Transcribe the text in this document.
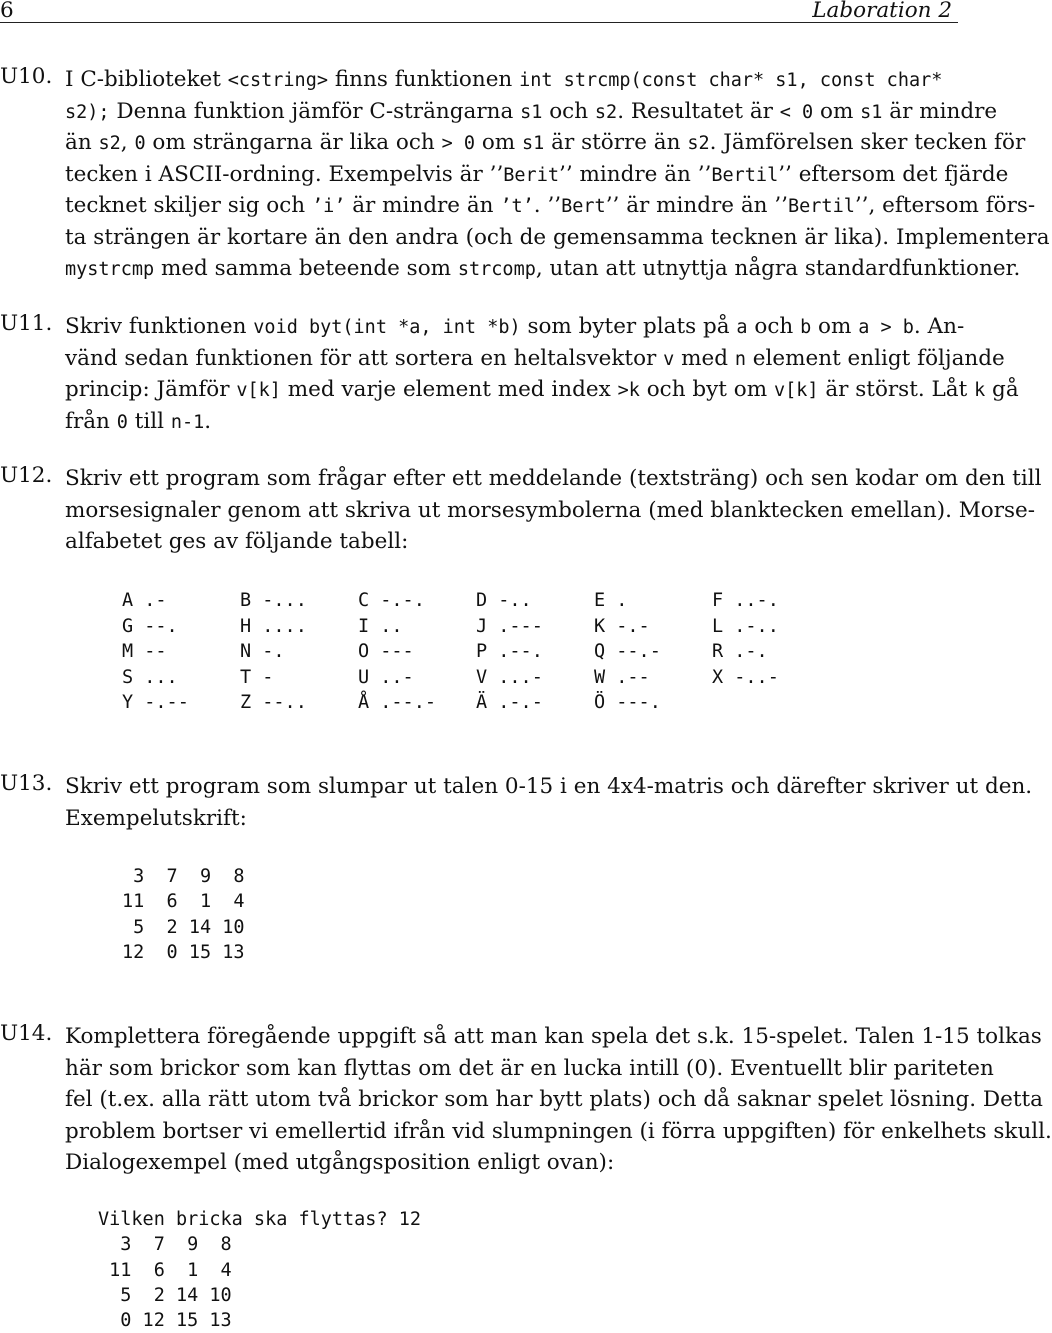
6	Laboration 2
U10. I C-biblioteket <cstring> finns funktionen int strcmp(const char* s1, const char*
s2); Denna funktion jämför C-strängarna s1 och s2. Resultatet är < 0 om s1 är mindre
än s2, 0 om strängarna är lika och > 0 om s1 är större än s2. Jämförelsen sker tecken för
tecken i ASCII-ordning. Exempelvis är ’’Berit’’ mindre än ’’Bertil’’ eftersom det fjärde
tecknet skiljer sig och ’i’ är mindre än ’t’. ’’Bert’’ är mindre än ’’Bertil’’, eftersom förs-
ta strängen är kortare än den andra (och de gemensamma tecknen är lika). Implementera
mystrcmp med samma beteende som strcomp, utan att utnyttja några standardfunktioner.
U11. Skriv funktionen void byt(int *a, int *b) som byter plats på a och b om a > b. An-
vänd sedan funktionen för att sortera en heltalsvektor v med n element enligt följande
princip: Jämför v[k] med varje element med index >k och byt om v[k] är störst. Låt k gå
från 0 till n-1.
U12. Skriv ett program som frågar efter ett meddelande (textsträng) och sen kodar om den till
morsesignaler genom att skriva ut morsesymbolerna (med blanktecken emellan). Morse-
alfabetet ges av följande tabell:
A .-	B -...	C -.-.	D -..	E .	F ..-.
G --.	H ....	I ..	J .---	K -.-	L .-..
M --	N -.	O ---	P .--.	Q --.-	R .-.
S ...	T -	U ..-	V ...-	W .--	X -..-
Y -.--	Z --..	Å .--.- Ä .-.-	Ö ---.
U13. Skriv ett program som slumpar ut talen 0-15 i en 4x4-matris och därefter skriver ut den.
Exempelutskrift:
3  7  9  8
11  6  1  4
5  2 14 10
12  0 15 13
U14. Komplettera föregående uppgift så att man kan spela det s.k. 15-spelet. Talen 1-15 tolkas
här som brickor som kan flyttas om det är en lucka intill (0). Eventuellt blir pariteten
fel (t.ex. alla rätt utom två brickor som har bytt plats) och då saknar spelet lösning. Detta
problem bortser vi emellertid ifrån vid slumpningen (i förra uppgiften) för enkelhets skull.
Dialogexempel (med utgångsposition enligt ovan):
Vilken bricka ska flyttas? 12
3  7  9  8
11  6  1  4
5  2 14 10
0 12 15 13
